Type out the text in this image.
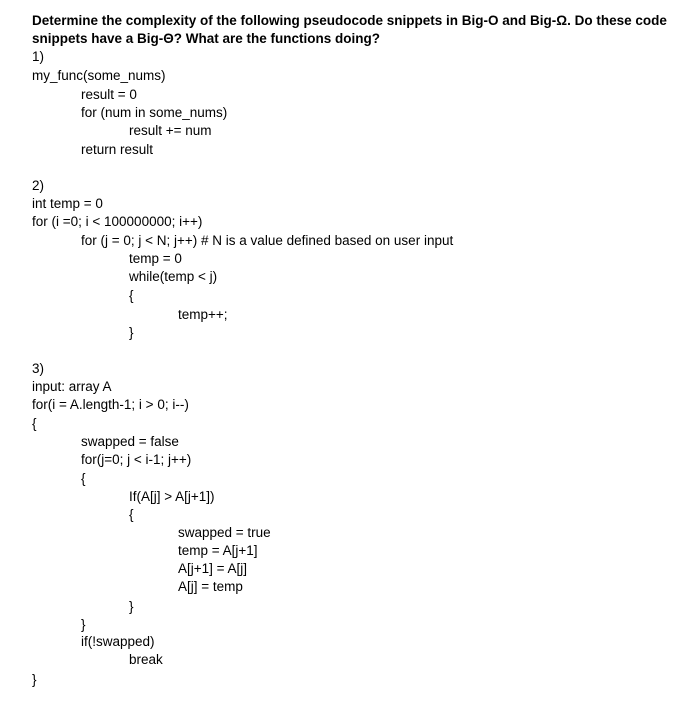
Determine the complexity of the following pseudocode snippets in Big-O and Big-Ω. Do these code
snippets have a Big-Θ? What are the functions doing?
1)
my_func(some_nums)
result = 0
for (num in some_nums)
result += num
return result
2)
int temp = 0
for (i =0; i < 100000000; i++)
for (j = 0; j < N; j++) # N is a value defined based on user input
temp = 0
while(temp < j)
{
temp++;
}
3)
input: array A
for(i = A.length-1; i > 0; i--)
{
swapped = false
for(j=0; j < i-1; j++)
{
If(A[j] > A[j+1])
{
swapped = true
temp = A[j+1]
A[j+1] = A[j]
A[j] = temp
}
}
if(!swapped)
break
}
